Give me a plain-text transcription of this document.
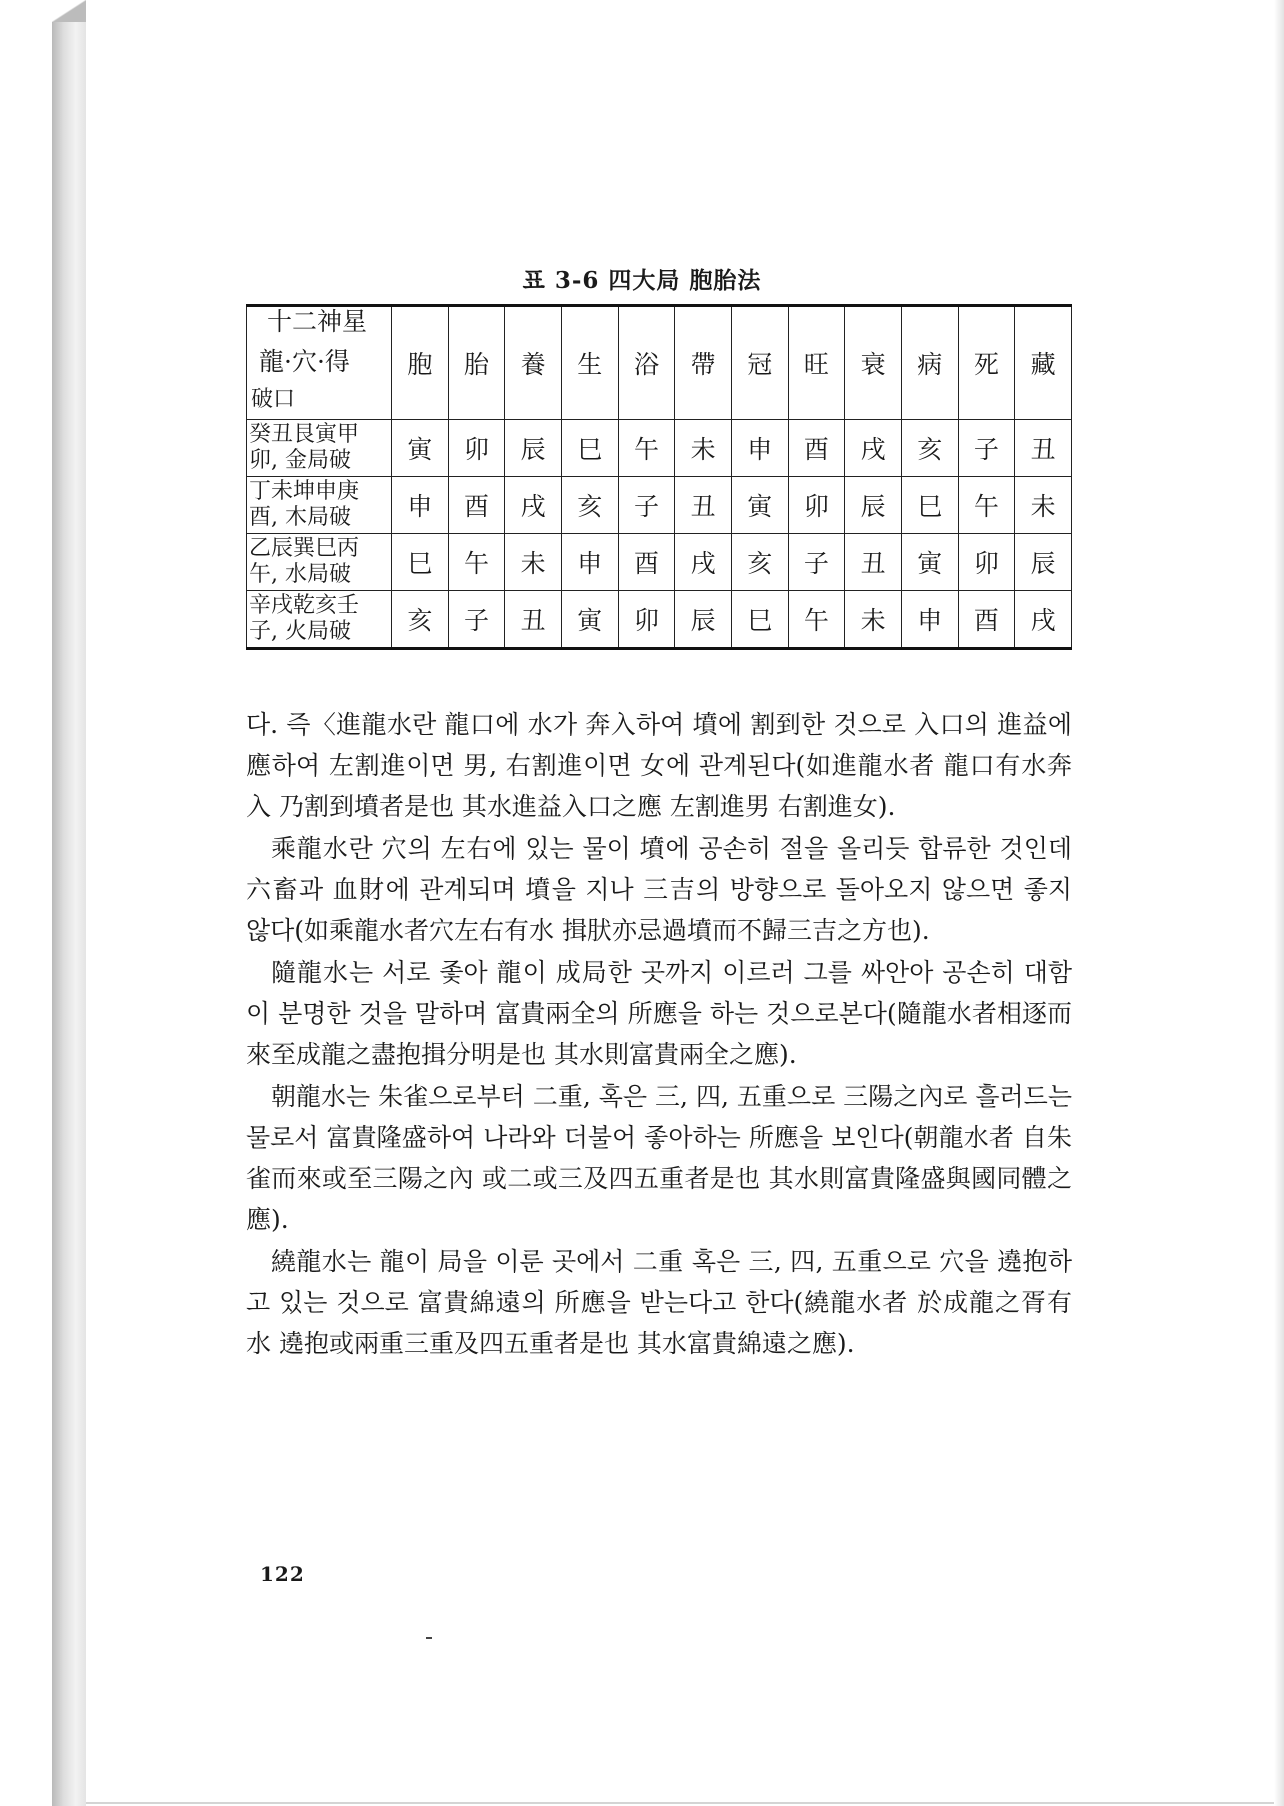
표 3-6 四大局 胞胎法
十二神星
龍·穴·得
破口	胞	胎	養	生	浴	帶	冠	旺	衰	病	死	藏
癸丑艮寅甲
卯, 金局破	寅	卯	辰	巳	午	未	申	酉	戌	亥	子	丑
丁未坤申庚
酉, 木局破	申	酉	戌	亥	子	丑	寅	卯	辰	巳	午	未
乙辰巽巳丙
午, 水局破	巳	午	未	申	酉	戌	亥	子	丑	寅	卯	辰
辛戌乾亥壬
子, 火局破	亥	子	丑	寅	卯	辰	巳	午	未	申	酉	戌

다. 즉〈進龍水란 龍口에 水가 奔入하여 墳에 割到한 것으로 入口의 進益에 應하여 左割進이면 男, 右割進이면 女에 관계된다(如進龍水者 龍口有水奔入 乃割到墳者是也 其水進益入口之應 左割進男 右割進女).

乘龍水란 穴의 左右에 있는 물이 墳에 공손히 절을 올리듯 합류한 것인데 六畜과 血財에 관계되며 墳을 지나 三吉의 방향으로 돌아오지 않으면 좋지 않다(如乘龍水者穴左右有水 揖肰亦忌過墳而不歸三吉之方也).

隨龍水는 서로 좇아 龍이 成局한 곳까지 이르러 그를 싸안아 공손히 대함이 분명한 것을 말하며 富貴兩全의 所應을 하는 것으로본다(隨龍水者相逐而來至成龍之盡抱揖分明是也 其水則富貴兩全之應).

朝龍水는 朱雀으로부터 二重, 혹은 三, 四, 五重으로 三陽之內로 흘러드는 물로서 富貴隆盛하여 나라와 더불어 좋아하는 所應을 보인다(朝龍水者 自朱雀而來或至三陽之內 或二或三及四五重者是也 其水則富貴隆盛與國同體之應).

繞龍水는 龍이 局을 이룬 곳에서 二重 혹은 三, 四, 五重으로 穴을 遶抱하고 있는 것으로 富貴綿遠의 所應을 받는다고 한다(繞龍水者 於成龍之胥有水 遶抱或兩重三重及四五重者是也 其水富貴綿遠之應).

122
